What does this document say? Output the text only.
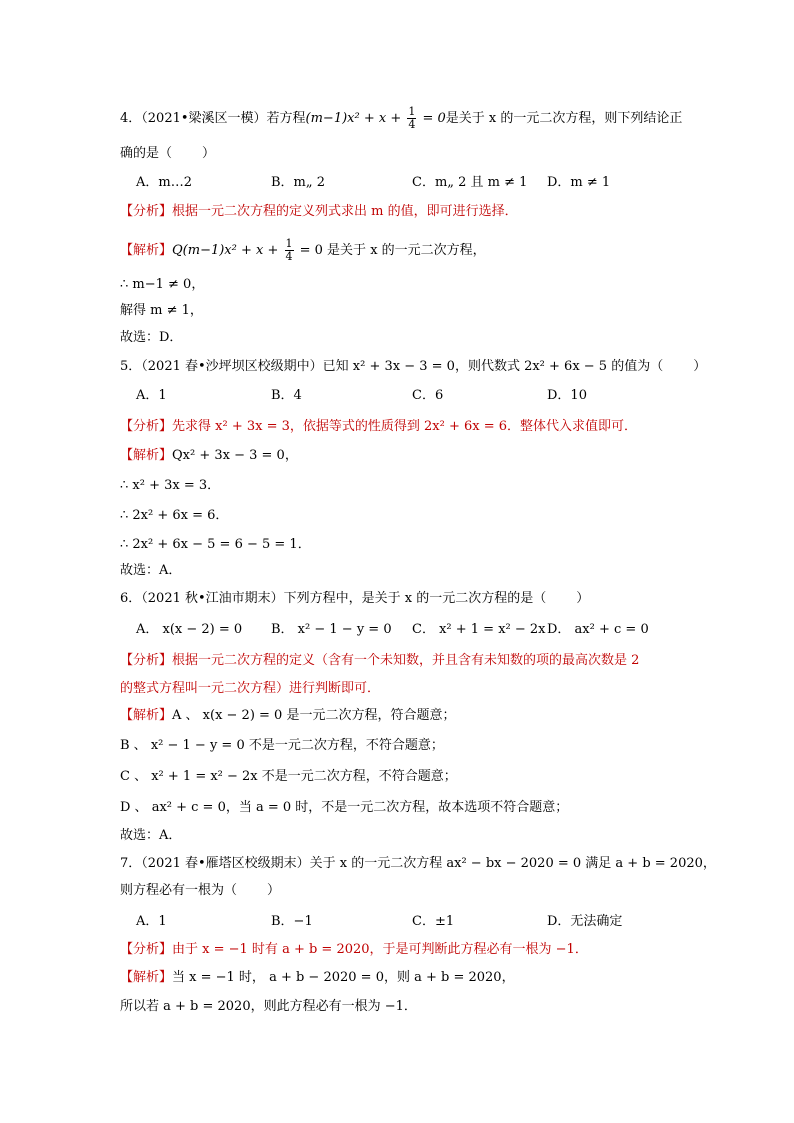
4．（2021•梁溪区一模）若方程$(m-1)x^2 + x + \frac{1}{4} = 0$是关于 x 的一元二次方程，则下列结论正
确的是（ ）
A．m…2	B．m„ 2	C．m„ 2 且 m ≠ 1 D．m ≠ 1
【分析】根据一元二次方程的定义列式求出 m 的值，即可进行选择．
【解析】$Q(m-1)x^2 + x + \frac{1}{4} = 0$ 是关于 x 的一元二次方程，
∴ m−1 ≠ 0，
解得 m ≠ 1，
故选：D．
5．（2021 春•沙坪坝区校级期中）已知 x² + 3x − 3 = 0，则代数式 2x² + 6x − 5 的值为（ ）
A．1	B．4	C．6	D．10
【分析】先求得 x² + 3x = 3，依据等式的性质得到 2x² + 6x = 6．整体代入求值即可．
【解析】Qx² + 3x − 3 = 0，
∴ x² + 3x = 3．
∴ 2x² + 6x = 6．
∴ 2x² + 6x − 5 = 6 − 5 = 1．
故选：A．
6．（2021 秋•江油市期末）下列方程中，是关于 x 的一元二次方程的是（ ）
A． x(x − 2) = 0 B． x² − 1 − y = 0 C． x² + 1 = x² − 2x D． ax² + c = 0
【分析】根据一元二次方程的定义（含有一个未知数，并且含有未知数的项的最高次数是 2
的整式方程叫一元二次方程）进行判断即可．
【解析】A 、 x(x − 2) = 0 是一元二次方程，符合题意；
B 、 x² − 1 − y = 0 不是一元二次方程，不符合题意；
C 、 x² + 1 = x² − 2x 不是一元二次方程，不符合题意；
D 、 ax² + c = 0，当 a = 0 时，不是一元二次方程，故本选项不符合题意；
故选：A．
7．（2021 春•雁塔区校级期末）关于 x 的一元二次方程 ax² − bx − 2020 = 0 满足 a + b = 2020，
则方程必有一根为（ ）
A．1	B．−1	C．±1	D．无法确定
【分析】由于 x = −1 时有 a + b = 2020，于是可判断此方程必有一根为 −1．
【解析】当 x = −1 时， a + b − 2020 = 0，则 a + b = 2020，
所以若 a + b = 2020，则此方程必有一根为 −1．
